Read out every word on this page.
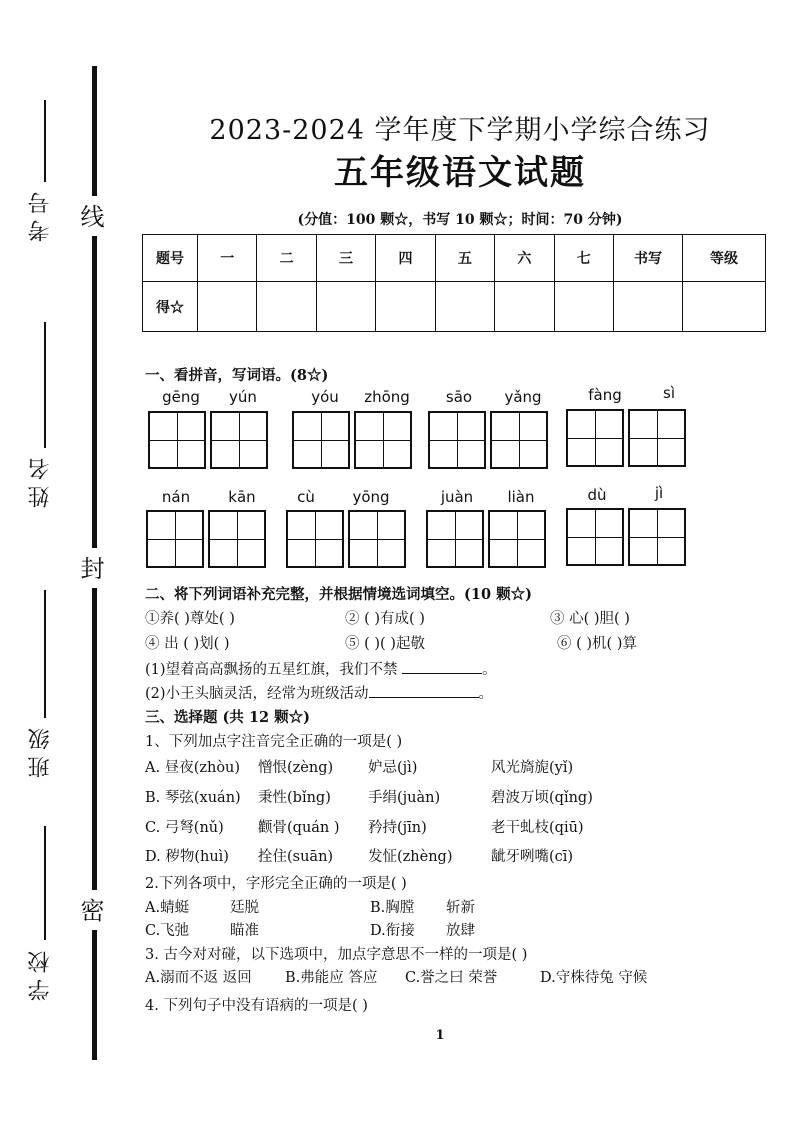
线
封
密
考号
姓名
班级
学校
2023-2024 学年度下学期小学综合练习
五年级语文试题
(分值：100 颗☆，书写 10 颗☆；时间：70 分钟)
题号	一	二	三	四	五	六	七	书写	等级
得☆									
一、看拼音，写词语。(8☆)
gēng	yún	yóu	zhōng	sāo	yǎng	fàng	sì
nán	kān	cù	yōng	juàn	liàn	dù	jì
二、将下列词语补充完整，并根据情境选词填空。(10 颗☆)
①养( )尊处( )	② ( )有成( )	③ 心( )胆( )
④ 出 ( )划( )	⑤ ( )( )起敬	⑥ ( )机( )算
(1)望着高高飘扬的五星红旗，我们不禁	。
(2)小王头脑灵活，经常为班级活动	。
三、选择题 (共 12 颗☆)
1、下列加点字注音完全正确的一项是( )
A. 昼夜(zhòu) 憎恨(zèng) 妒忌(jì)	风光旖旎(yǐ)
B. 琴弦(xuán) 秉性(bǐng)	手绢(juàn)	碧波万顷(qǐng)
C. 弓弩(nǔ) 颧骨(quán ) 矜持(jīn)	老干虬枝(qiū)
D. 秽物(huì) 拴住(suān) 发怔(zhèng)	龇牙咧嘴(cī)
2.下列各项中，字形完全正确的一项是( )
A.蜻蜓	廷脱	B.胸膛 斩新
C.飞弛	瞄准	D.衔接 放肆
3. 古今对对碰，以下选项中，加点字意思不一样的一项是( )
A.溺而不返 返回 B.弗能应 答应 C.誉之曰 荣誉	D.守株待兔 守候
4. 下列句子中没有语病的一项是( )
1
